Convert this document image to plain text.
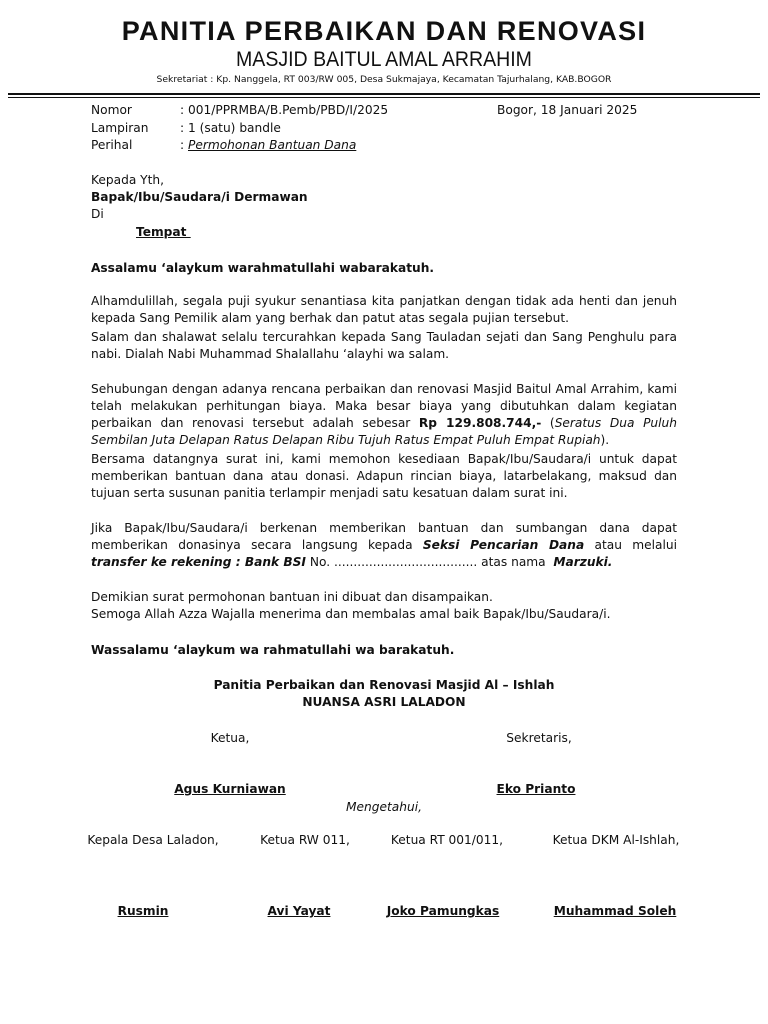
PANITIA PERBAIKAN DAN RENOVASI
MASJID BAITUL AMAL ARRAHIM
Sekretariat : Kp. Nanggela, RT 003/RW 005, Desa Sukmajaya, Kecamatan Tajurhalang, KAB.BOGOR
Nomor	: 001/PPRMBA/B.Pemb/PBD/I/2025	Bogor, 18 Januari 2025
Lampiran	: 1 (satu) bandle
Perihal	: Permohonan Bantuan Dana
Kepada Yth,
Bapak/Ibu/Saudara/i Dermawan
Di
Tempat
Assalamu ‘alaykum warahmatullahi wabarakatuh.
Alhamdulillah, segala puji syukur senantiasa kita panjatkan dengan tidak ada henti dan jenuh kepada Sang Pemilik alam yang berhak dan patut atas segala pujian tersebut.
Salam dan shalawat selalu tercurahkan kepada Sang Tauladan sejati dan Sang Penghulu para nabi. Dialah Nabi Muhammad Shalallahu ‘alayhi wa salam.
Sehubungan dengan adanya rencana perbaikan dan renovasi Masjid Baitul Amal Arrahim, kami telah melakukan perhitungan biaya. Maka besar biaya yang dibutuhkan dalam kegiatan perbaikan dan renovasi tersebut adalah sebesar Rp 129.808.744,- (Seratus Dua Puluh Sembilan Juta Delapan Ratus Delapan Ribu Tujuh Ratus Empat Puluh Empat Rupiah).
Bersama datangnya surat ini, kami memohon kesediaan Bapak/Ibu/Saudara/i untuk dapat memberikan bantuan dana atau donasi. Adapun rincian biaya, latarbelakang, maksud dan tujuan serta susunan panitia terlampir menjadi satu kesatuan dalam surat ini.
Jika Bapak/Ibu/Saudara/i berkenan memberikan bantuan dan sumbangan dana dapat memberikan donasinya secara langsung kepada Seksi Pencarian Dana atau melalui transfer ke rekening : Bank BSI No. ..................................... atas nama  Marzuki.
Demikian surat permohonan bantuan ini dibuat dan disampaikan.
Semoga Allah Azza Wajalla menerima dan membalas amal baik Bapak/Ibu/Saudara/i.
Wassalamu ‘alaykum wa rahmatullahi wa barakatuh.
Panitia Perbaikan dan Renovasi Masjid Al – Ishlah
NUANSA ASRI LALADON
Ketua,	Sekretaris,
Agus Kurniawan	Eko Prianto
Mengetahui,
Kepala Desa Laladon,	Ketua RW 011,	Ketua RT 001/011,	Ketua DKM Al-Ishlah,
Rusmin	Avi Yayat	Joko Pamungkas	Muhammad Soleh
